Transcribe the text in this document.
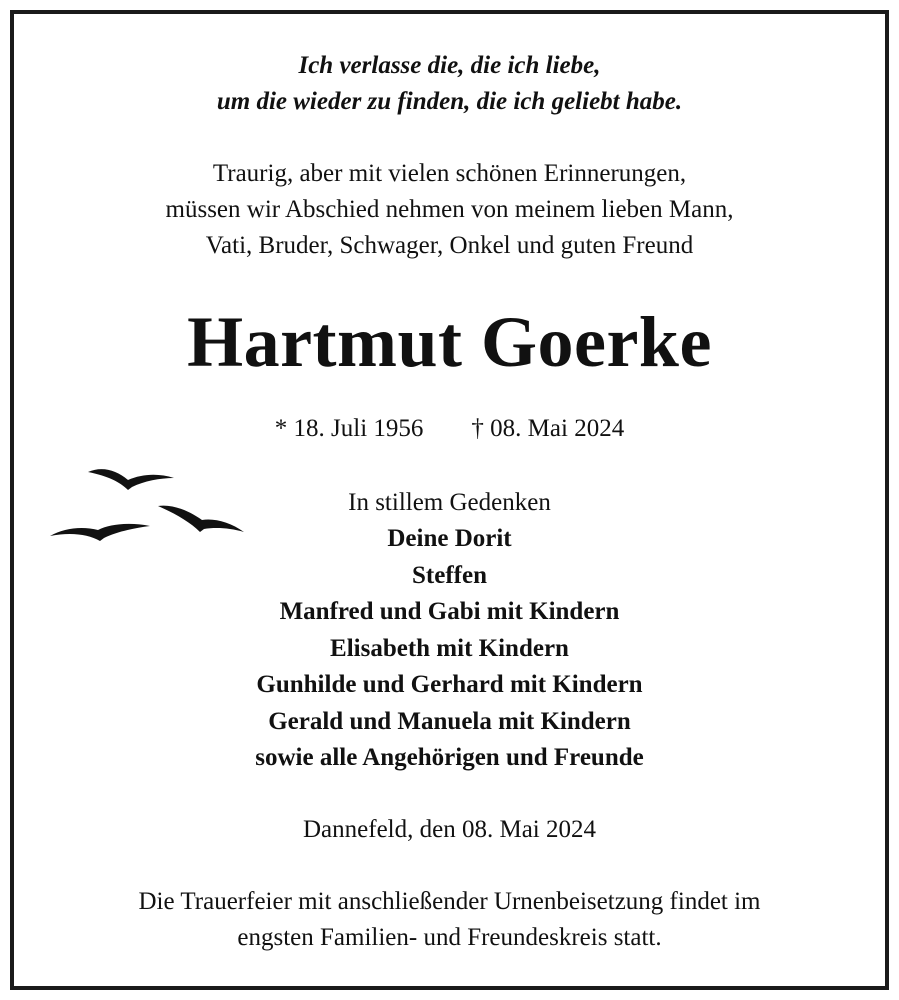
Ich verlasse die, die ich liebe,
um die wieder zu finden, die ich geliebt habe.
Traurig, aber mit vielen schönen Erinnerungen,
müssen wir Abschied nehmen von meinem lieben Mann,
Vati, Bruder, Schwager, Onkel und guten Freund
Hartmut Goerke
* 18. Juli 1956 † 08. Mai 2024
In stillem Gedenken
Deine Dorit
Steffen
Manfred und Gabi mit Kindern
Elisabeth mit Kindern
Gunhilde und Gerhard mit Kindern
Gerald und Manuela mit Kindern
sowie alle Angehörigen und Freunde
Dannefeld, den 08. Mai 2024
Die Trauerfeier mit anschließender Urnenbeisetzung findet im
engsten Familien- und Freundeskreis statt.
